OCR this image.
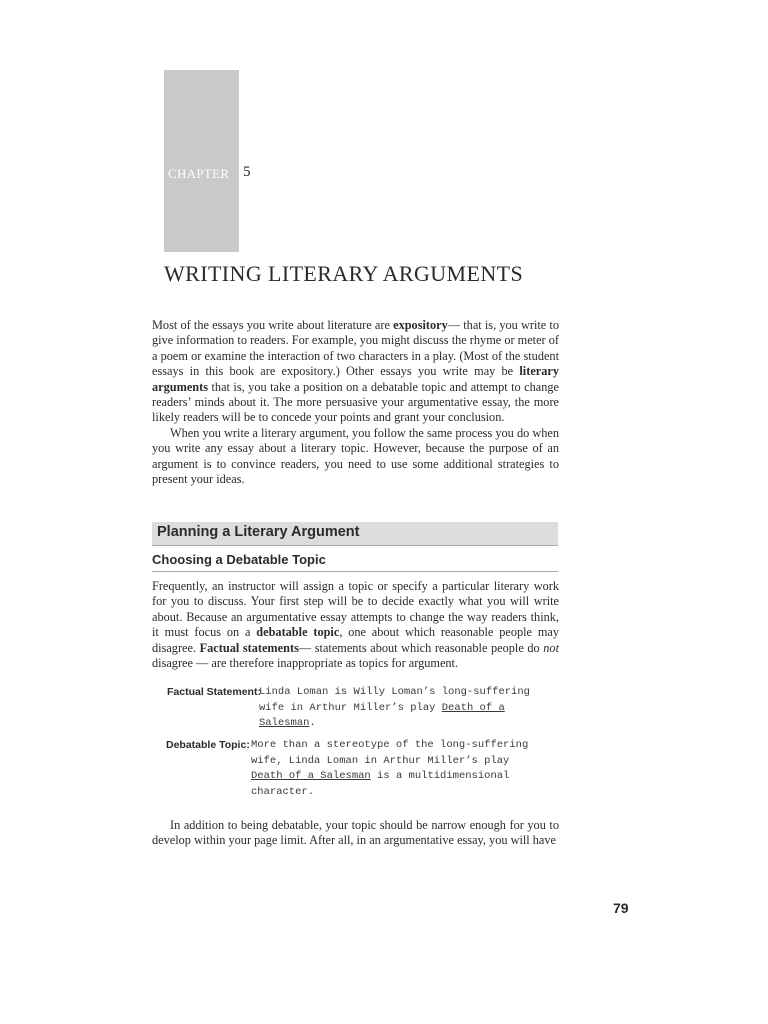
CHAPTER 5
WRITING LITERARY ARGUMENTS

Most of the essays you write about literature are expository— that is, you write to give information to readers. For example, you might discuss the rhyme or meter of a poem or examine the interaction of two characters in a play. (Most of the student essays in this book are expository.) Other essays you write may be literary arguments that is, you take a position on a debatable topic and attempt to change readers’ minds about it. The more persuasive your argumentative essay, the more likely readers will be to concede your points and grant your conclusion.

When you write a literary argument, you follow the same process you do when you write any essay about a literary topic. However, because the purpose of an argument is to convince readers, you need to use some additional strategies to present your ideas.

Planning a Literary Argument
Choosing a Debatable Topic

Frequently, an instructor will assign a topic or specify a particular literary work for you to discuss. Your first step will be to decide exactly what you will write about. Because an argumentative essay attempts to change the way readers think, it must focus on a debatable topic, one about which reasonable people may disagree. Factual statements— statements about which reasonable people do not disagree — are therefore inappropriate as topics for argument.

Factual Statement:
Linda Loman is Willy Loman’s long-suffering
wife in Arthur Miller’s play Death of a
Salesman.
Debatable Topic: More than a stereotype of the long-suffering
wife, Linda Loman in Arthur Miller’s play
Death of a Salesman is a multidimensional
character.

In addition to being debatable, your topic should be narrow enough for you to develop within your page limit. After all, in an argumentative essay, you will have

79
